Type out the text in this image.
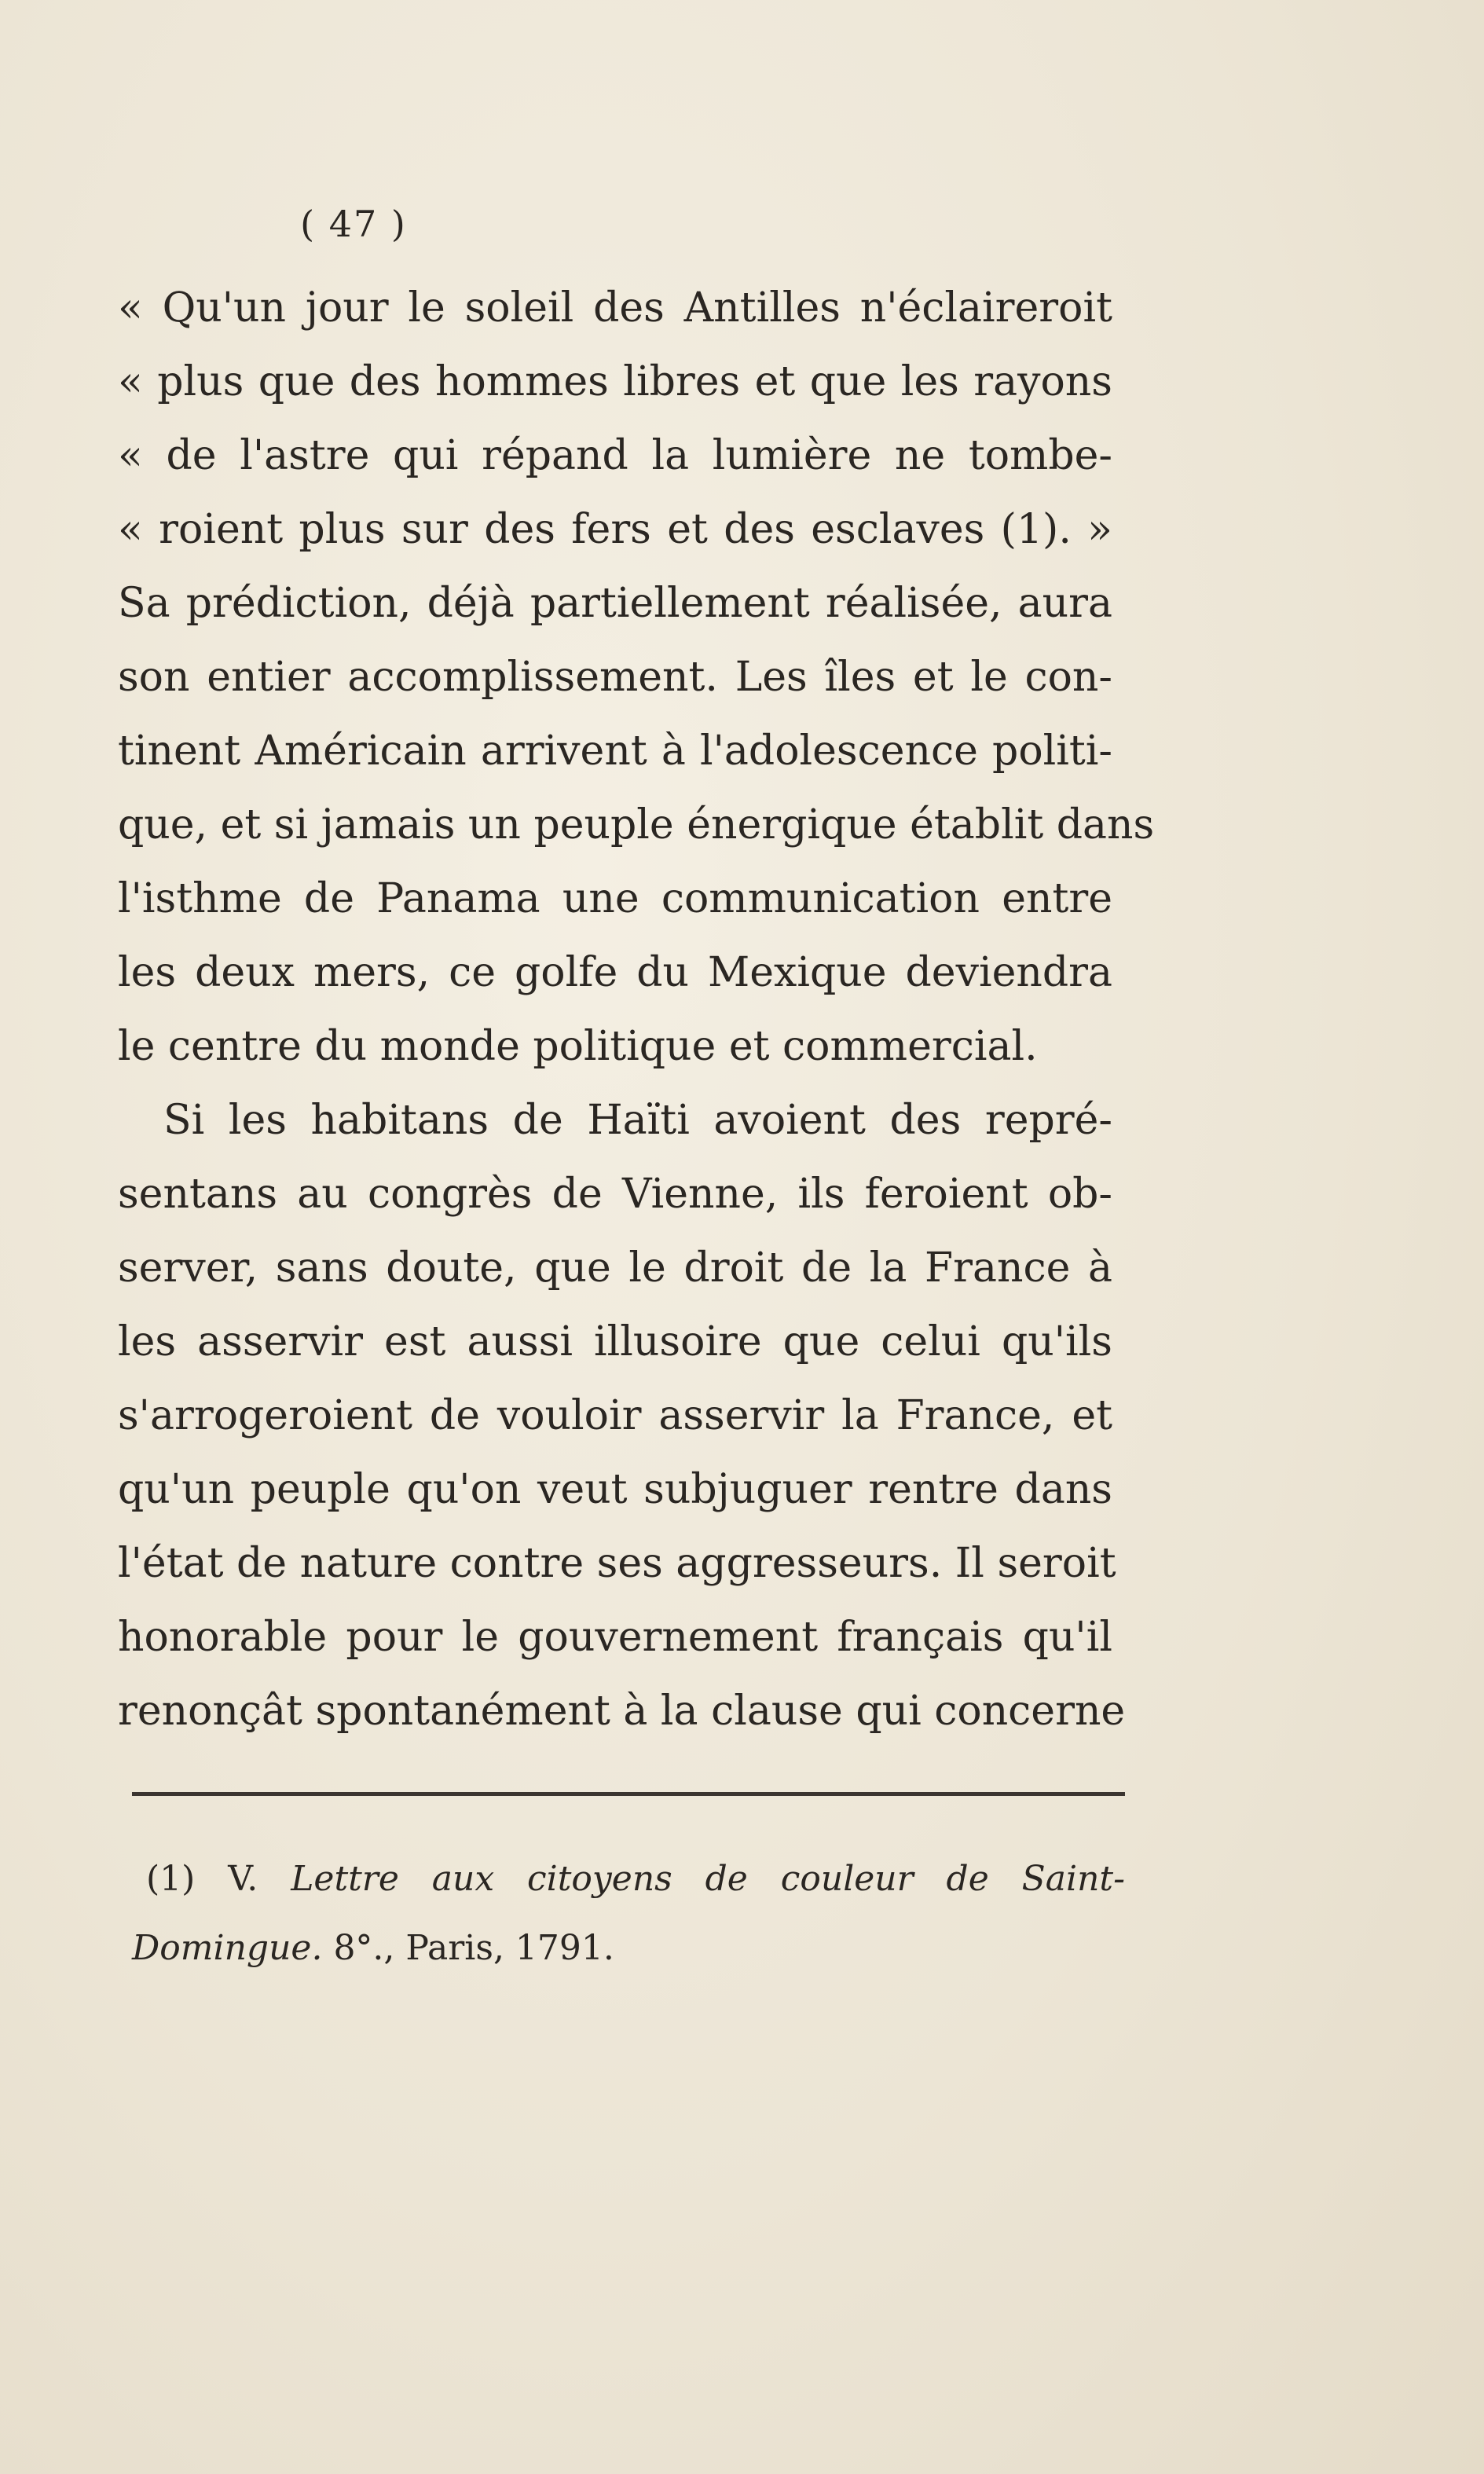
( 47 )
« Qu'un jour le soleil des Antilles n'éclaireroit
« plus que des hommes libres et que les rayons
« de l'astre qui répand la lumière ne tombe-
« roient plus sur des fers et des esclaves (1). »
Sa prédiction, déjà partiellement réalisée, aura
son entier accomplissement. Les îles et le con-
tinent Américain arrivent à l'adolescence politi-
que, et si jamais un peuple énergique établit dans
l'isthme de Panama une communication entre
les deux mers, ce golfe du Mexique deviendra
le centre du monde politique et commercial.
Si les habitans de Haïti avoient des repré-
sentans au congrès de Vienne, ils feroient ob-
server, sans doute, que le droit de la France à
les asservir est aussi illusoire que celui qu'ils
s'arrogeroient de vouloir asservir la France, et
qu'un peuple qu'on veut subjuguer rentre dans
l'état de nature contre ses aggresseurs. Il seroit
honorable pour le gouvernement français qu'il
renonçât spontanément à la clause qui concerne
(1) V. Lettre aux citoyens de couleur de Saint-
Domingue. 8°., Paris, 1791.
